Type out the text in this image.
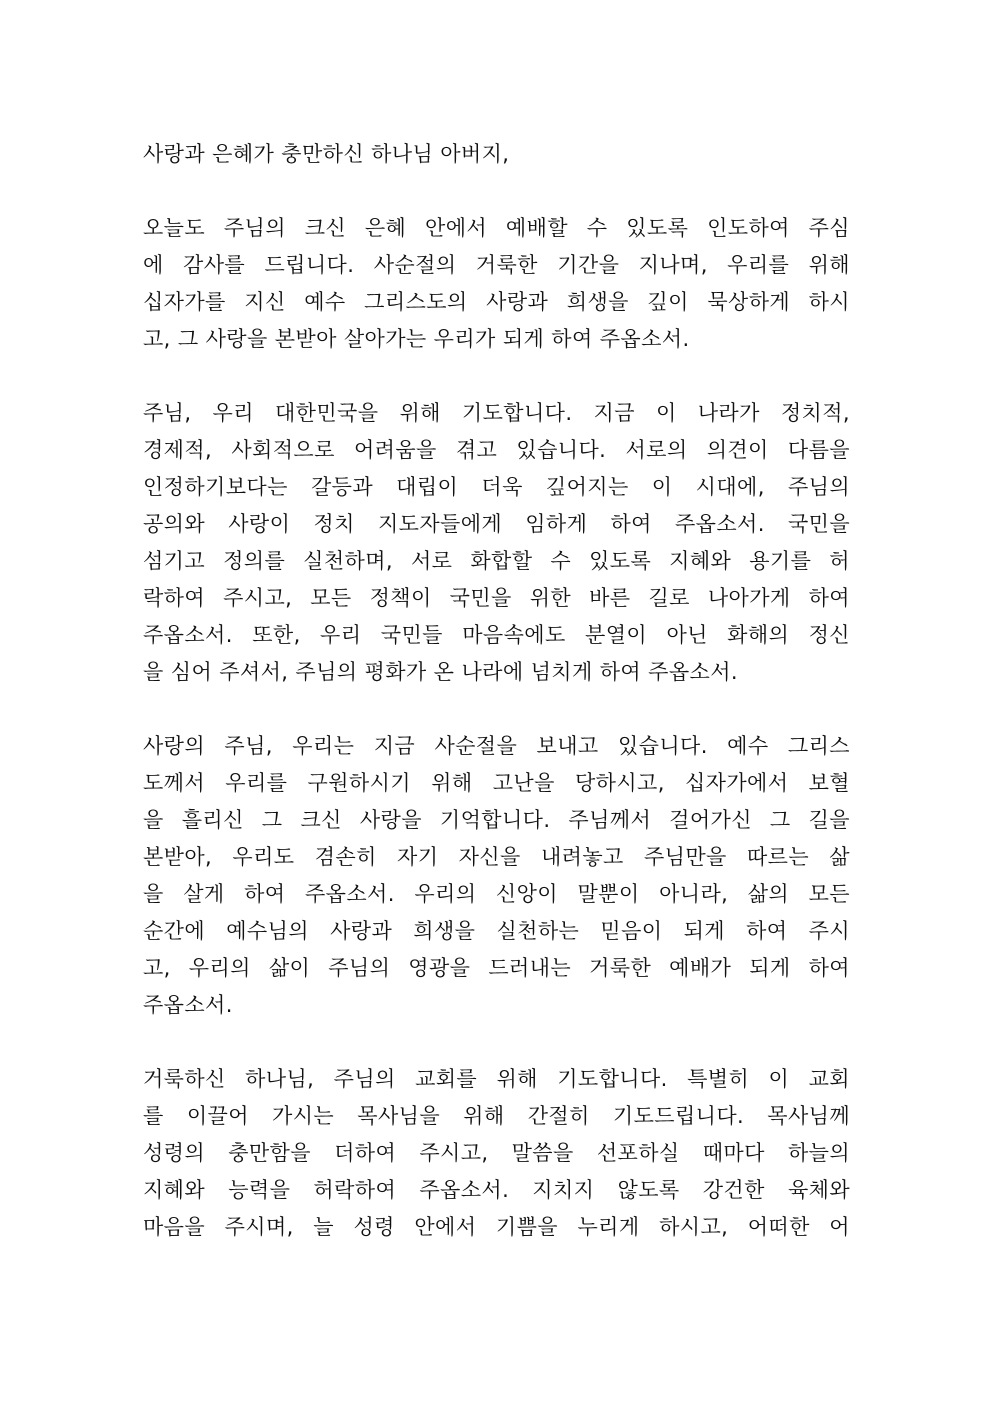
사랑과 은혜가 충만하신 하나님 아버지,
오늘도 주님의 크신 은혜 안에서 예배할 수 있도록 인도하여 주심
에 감사를 드립니다. 사순절의 거룩한 기간을 지나며, 우리를 위해
십자가를 지신 예수 그리스도의 사랑과 희생을 깊이 묵상하게 하시
고, 그 사랑을 본받아 살아가는 우리가 되게 하여 주옵소서.
주님, 우리 대한민국을 위해 기도합니다. 지금 이 나라가 정치적,
경제적, 사회적으로 어려움을 겪고 있습니다. 서로의 의견이 다름을
인정하기보다는 갈등과 대립이 더욱 깊어지는 이 시대에, 주님의
공의와 사랑이 정치 지도자들에게 임하게 하여 주옵소서. 국민을
섬기고 정의를 실천하며, 서로 화합할 수 있도록 지혜와 용기를 허
락하여 주시고, 모든 정책이 국민을 위한 바른 길로 나아가게 하여
주옵소서. 또한, 우리 국민들 마음속에도 분열이 아닌 화해의 정신
을 심어 주셔서, 주님의 평화가 온 나라에 넘치게 하여 주옵소서.
사랑의 주님, 우리는 지금 사순절을 보내고 있습니다. 예수 그리스
도께서 우리를 구원하시기 위해 고난을 당하시고, 십자가에서 보혈
을 흘리신 그 크신 사랑을 기억합니다. 주님께서 걸어가신 그 길을
본받아, 우리도 겸손히 자기 자신을 내려놓고 주님만을 따르는 삶
을 살게 하여 주옵소서. 우리의 신앙이 말뿐이 아니라, 삶의 모든
순간에 예수님의 사랑과 희생을 실천하는 믿음이 되게 하여 주시
고, 우리의 삶이 주님의 영광을 드러내는 거룩한 예배가 되게 하여
주옵소서.
거룩하신 하나님, 주님의 교회를 위해 기도합니다. 특별히 이 교회
를 이끌어 가시는 목사님을 위해 간절히 기도드립니다. 목사님께
성령의 충만함을 더하여 주시고, 말씀을 선포하실 때마다 하늘의
지혜와 능력을 허락하여 주옵소서. 지치지 않도록 강건한 육체와
마음을 주시며, 늘 성령 안에서 기쁨을 누리게 하시고, 어떠한 어
